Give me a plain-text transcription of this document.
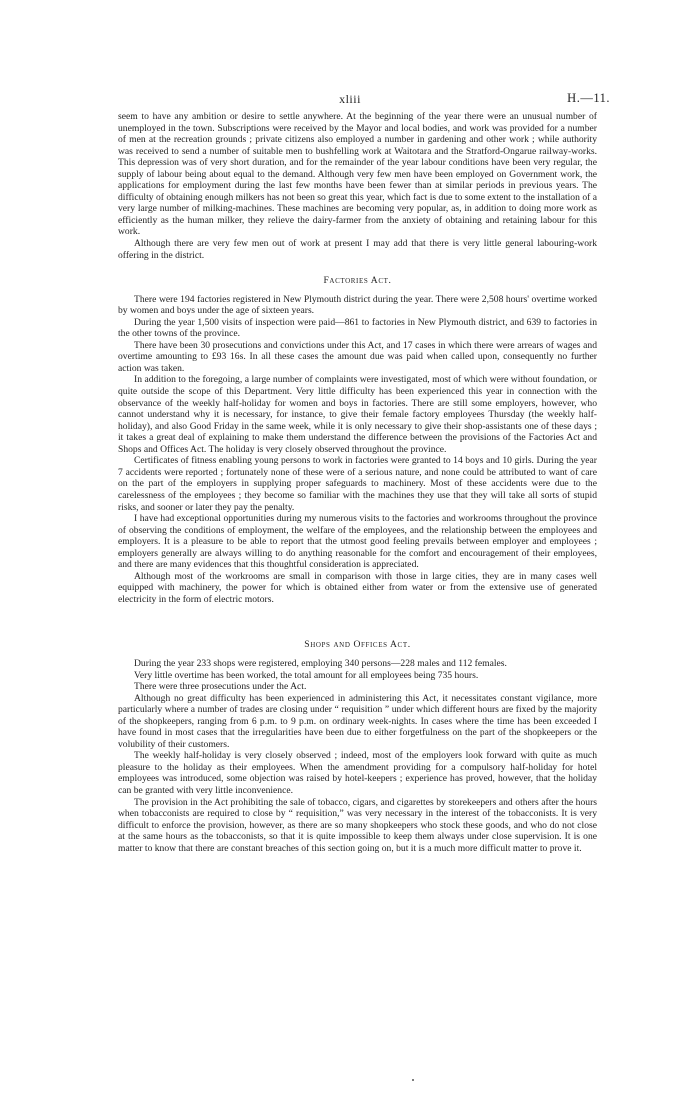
xliii	H.—11.

seem to have any ambition or desire to settle anywhere. At the beginning of the year there were an unusual number of unemployed in the town. Subscriptions were received by the Mayor and local bodies, and work was provided for a number of men at the recreation grounds ; private citizens also employed a number in gardening and other work ; while authority was received to send a number of suitable men to bushfelling work at Waitotara and the Stratford-Ongarue railway-works. This depression was of very short duration, and for the remainder of the year labour conditions have been very regular, the supply of labour being about equal to the demand. Although very few men have been employed on Government work, the applications for employment during the last few months have been fewer than at similar periods in previous years. The difficulty of obtaining enough milkers has not been so great this year, which fact is due to some extent to the installation of a very large number of milking-machines. These machines are becoming very popular, as, in addition to doing more work as efficiently as the human milker, they relieve the dairy-farmer from the anxiety of obtaining and retaining labour for this work.

Although there are very few men out of work at present I may add that there is very little general labouring-work offering in the district.

Factories Act.

There were 194 factories registered in New Plymouth district during the year. There were 2,508 hours' overtime worked by women and boys under the age of sixteen years.

During the year 1,500 visits of inspection were paid—861 to factories in New Plymouth district, and 639 to factories in the other towns of the province.

There have been 30 prosecutions and convictions under this Act, and 17 cases in which there were arrears of wages and overtime amounting to £93 16s. In all these cases the amount due was paid when called upon, consequently no further action was taken.

In addition to the foregoing, a large number of complaints were investigated, most of which were without foundation, or quite outside the scope of this Department. Very little difficulty has been experienced this year in connection with the observance of the weekly half-holiday for women and boys in factories. There are still some employers, however, who cannot understand why it is necessary, for instance, to give their female factory employees Thursday (the weekly half-holiday), and also Good Friday in the same week, while it is only necessary to give their shop-assistants one of these days ; it takes a great deal of explaining to make them understand the difference between the provisions of the Factories Act and Shops and Offices Act. The holiday is very closely observed throughout the province.

Certificates of fitness enabling young persons to work in factories were granted to 14 boys and 10 girls. During the year 7 accidents were reported ; fortunately none of these were of a serious nature, and none could be attributed to want of care on the part of the employers in supplying proper safeguards to machinery. Most of these accidents were due to the carelessness of the employees ; they become so familiar with the machines they use that they will take all sorts of stupid risks, and sooner or later they pay the penalty.

I have had exceptional opportunities during my numerous visits to the factories and workrooms throughout the province of observing the conditions of employment, the welfare of the employees, and the relationship between the employees and employers. It is a pleasure to be able to report that the utmost good feeling prevails between employer and employees ; employers generally are always willing to do anything reasonable for the comfort and encouragement of their employees, and there are many evidences that this thoughtful consideration is appreciated.

Although most of the workrooms are small in comparison with those in large cities, they are in many cases well equipped with machinery, the power for which is obtained either from water or from the extensive use of generated electricity in the form of electric motors.

Shops and Offices Act.

During the year 233 shops were registered, employing 340 persons—228 males and 112 females.

Very little overtime has been worked, the total amount for all employees being 735 hours.

There were three prosecutions under the Act.

Although no great difficulty has been experienced in administering this Act, it necessitates constant vigilance, more particularly where a number of trades are closing under “ requisition ” under which different hours are fixed by the majority of the shopkeepers, ranging from 6 p.m. to 9 p.m. on ordinary week-nights. In cases where the time has been exceeded I have found in most cases that the irregularities have been due to either forgetfulness on the part of the shopkeepers or the volubility of their customers.

The weekly half-holiday is very closely observed ; indeed, most of the employers look forward with quite as much pleasure to the holiday as their employees. When the amendment providing for a compulsory half-holiday for hotel employees was introduced, some objection was raised by hotel-keepers ; experience has proved, however, that the holiday can be granted with very little inconvenience.

The provision in the Act prohibiting the sale of tobacco, cigars, and cigarettes by storekeepers and others after the hours when tobacconists are required to close by “ requisition,” was very necessary in the interest of the tobacconists. It is very difficult to enforce the provision, however, as there are so many shopkeepers who stock these goods, and who do not close at the same hours as the tobacconists, so that it is quite impossible to keep them always under close supervision. It is one matter to know that there are constant breaches of this section going on, but it is a much more difficult matter to prove it.
